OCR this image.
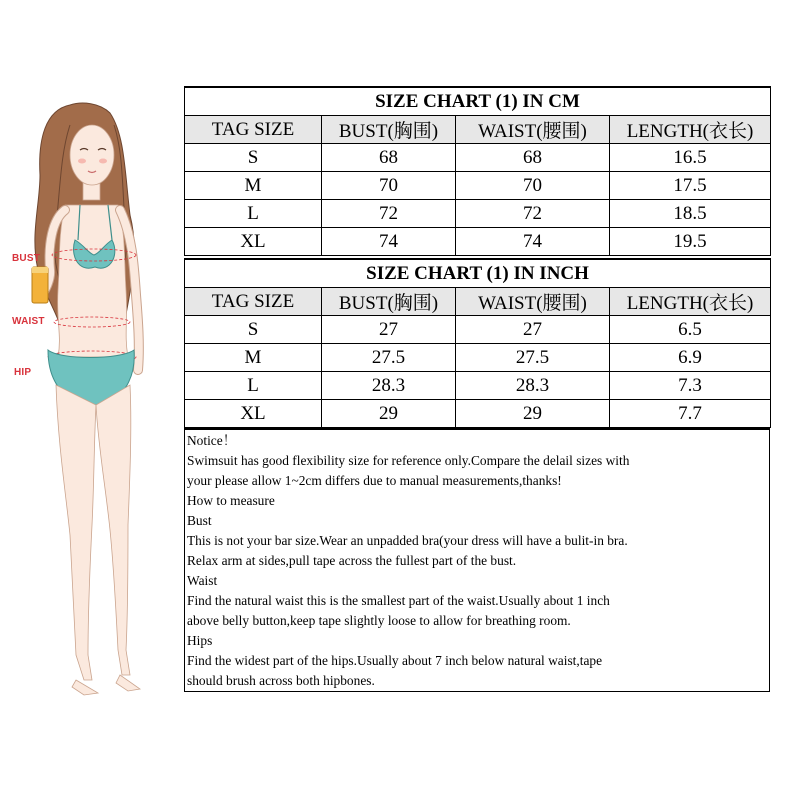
BUST
WAIST
HIP
SIZE CHART (1) IN CM			
TAG SIZE	BUST(胸围)	WAIST(腰围)	LENGTH(衣长)
S	68	68	16.5
M	70	70	17.5
L	72	72	18.5
XL	74	74	19.5
SIZE CHART (1) IN INCH			
TAG SIZE	BUST(胸围)	WAIST(腰围)	LENGTH(衣长)
S	27	27	6.5
M	27.5	27.5	6.9
L	28.3	28.3	7.3
XL	29	29	7.7
Notice！
Swimsuit has good flexibility size for reference only.Compare the delail sizes with
your please allow 1~2cm differs due to manual measurements,thanks!
How to measure
Bust
This is not your bar size.Wear an unpadded bra(your dress will have a bulit-in bra.
Relax arm at sides,pull tape across the fullest part of the bust.
Waist
Find the natural waist this is the smallest part of the waist.Usually about 1 inch
above belly button,keep tape slightly loose to allow for breathing room.
Hips
Find the widest part of the hips.Usually about 7 inch below natural waist,tape
should brush across both hipbones.
